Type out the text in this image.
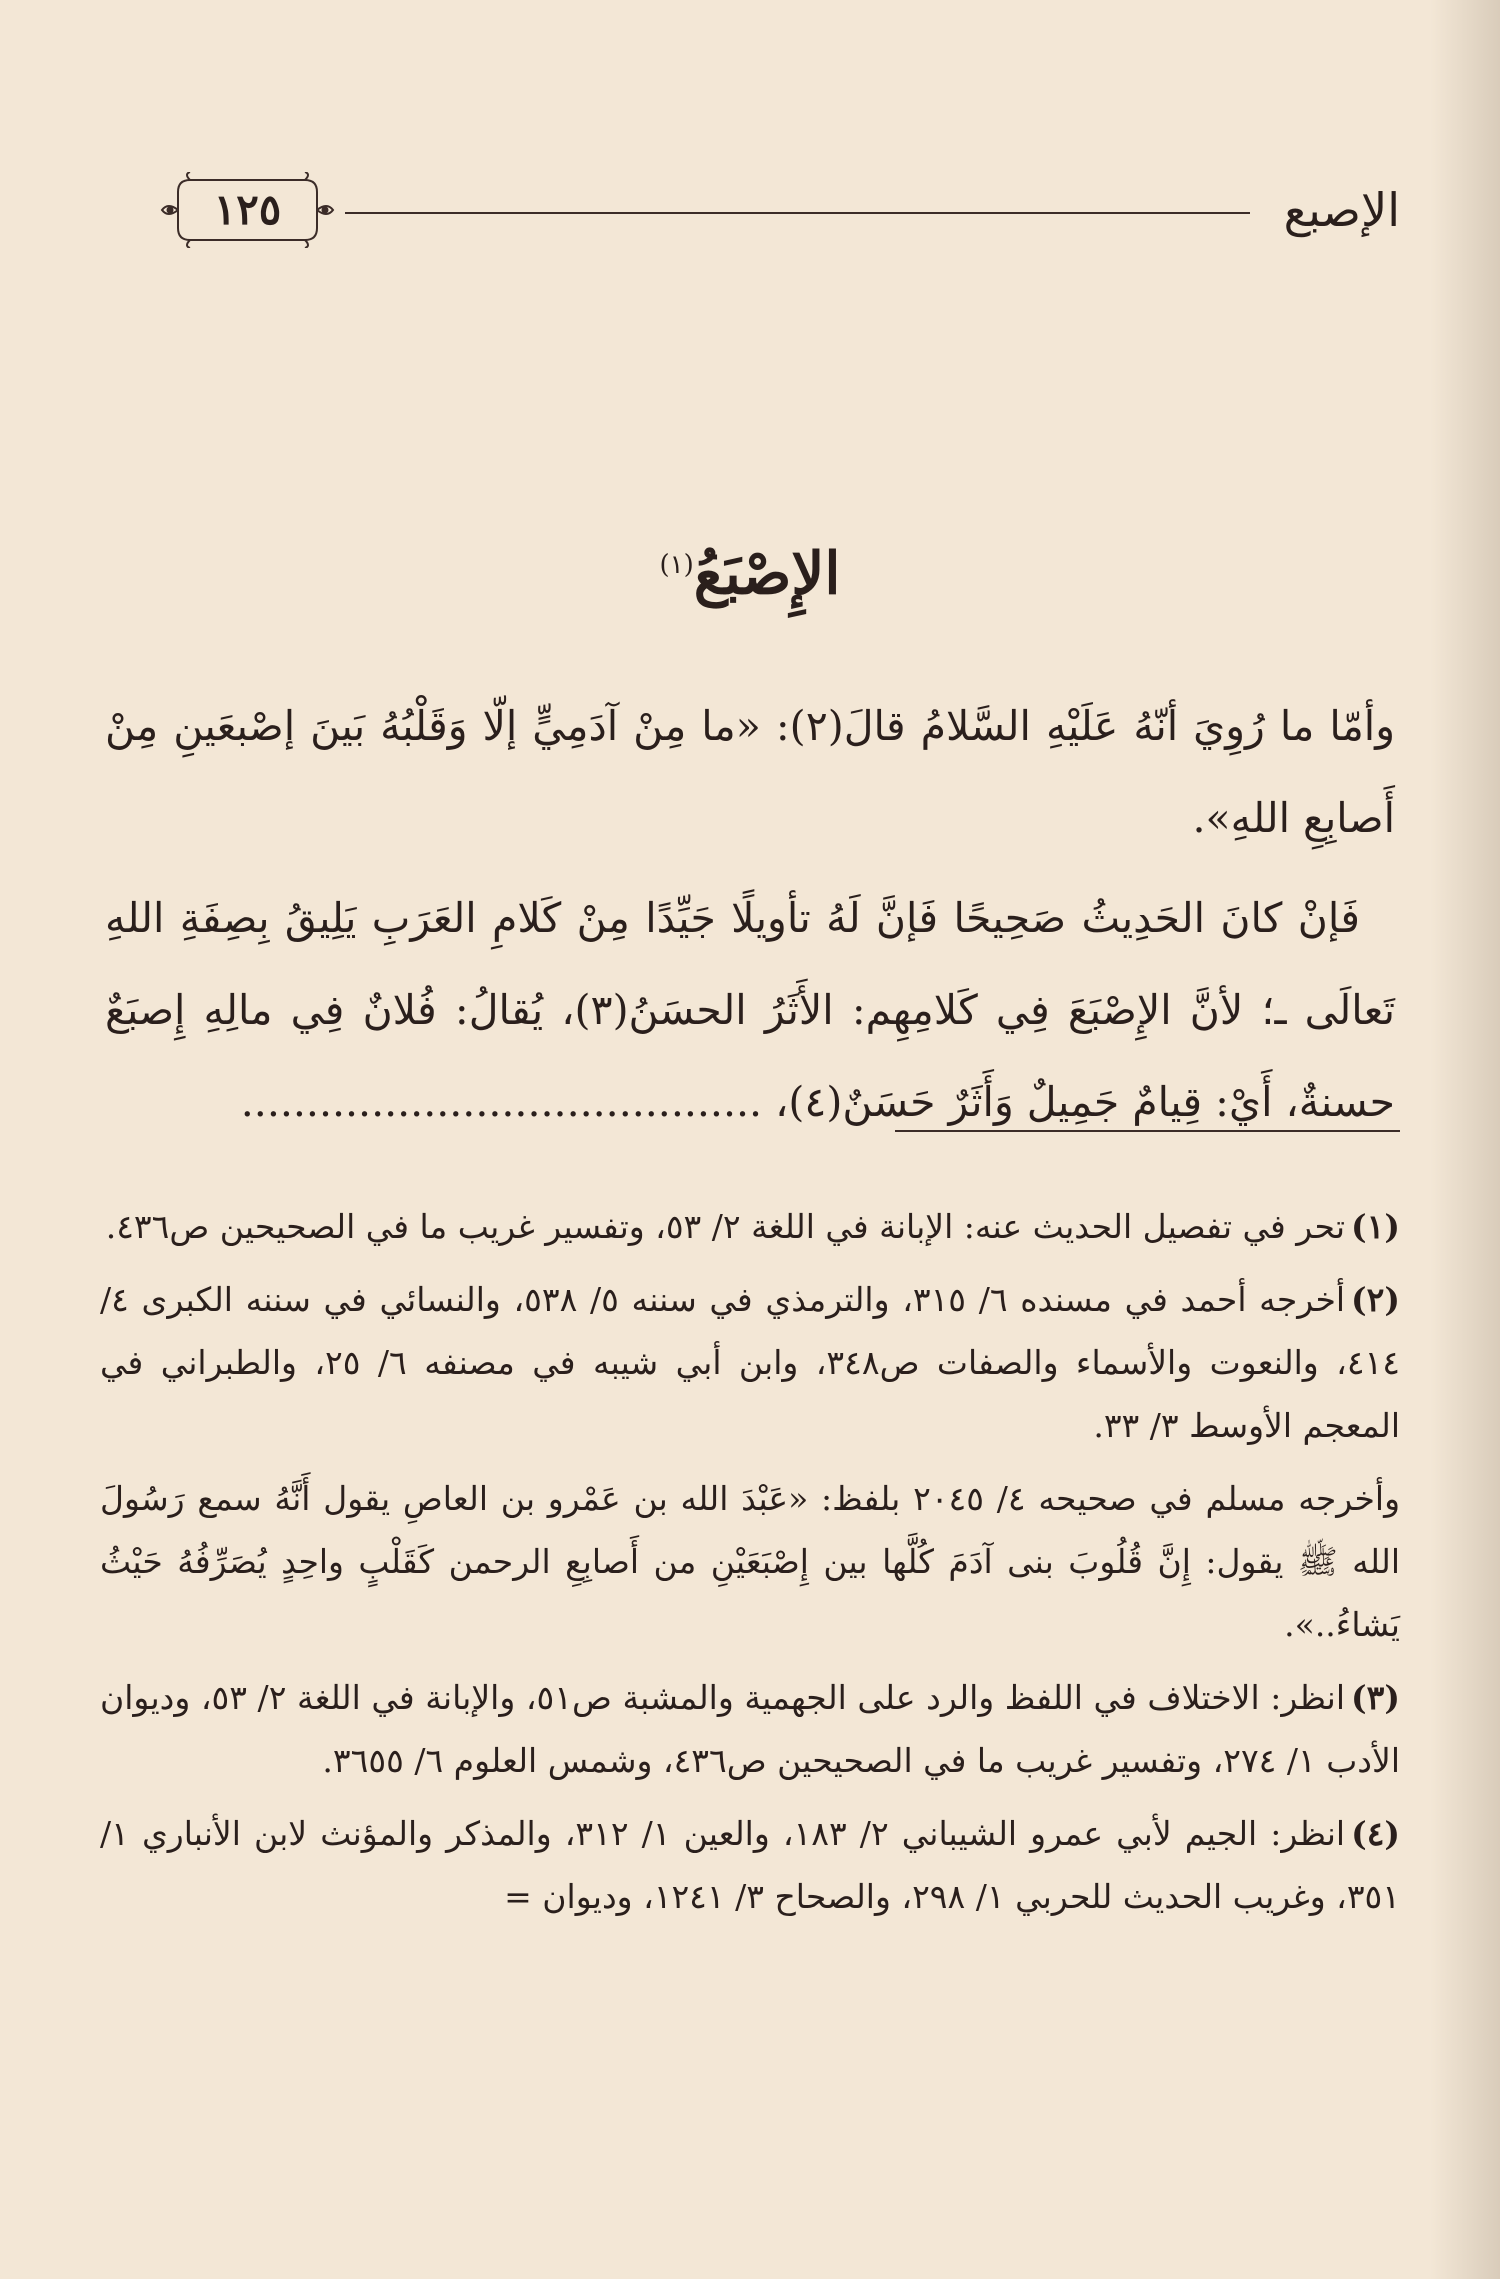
الإصبع
١٢٥
الإِصْبَعُ$^{(١)}$

وأمّا ما رُوِيَ أنّهُ عَلَيْهِ السَّلامُ قالَ(٢): «ما مِنْ آدَمِيٍّ إلّا وَقَلْبُهُ بَينَ إصْبعَينِ مِنْ أَصابِعِ اللهِ».

فَإنْ كانَ الحَدِيثُ صَحِيحًا فَإنَّ لَهُ تأويلًا جَيِّدًا مِنْ كَلامِ العَرَبِ يَلِيقُ بِصِفَةِ اللهِ تَعالَى ـ؛ لأنَّ الإِصْبَعَ فِي كَلامِهِم: الأَثَرُ الحسَنُ(٣)، يُقالُ: فُلانٌ فِي مالِهِ إِصبَعٌ حسنةٌ، أَيْ: قِيامٌ جَمِيلٌ وَأَثَرٌ حَسَنٌ(٤)، ........................................

(١)تحر في تفصيل الحديث عنه: الإبانة في اللغة ٢/ ٥٣، وتفسير غريب ما في الصحيحين ص٤٣٦.

(٢)أخرجه أحمد في مسنده ٦/ ٣١٥، والترمذي في سننه ٥/ ٥٣٨، والنسائي في سننه الكبرى ٤/ ٤١٤، والنعوت والأسماء والصفات ص٣٤٨، وابن أبي شيبه في مصنفه ٦/ ٢٥، والطبراني في المعجم الأوسط ٣/ ٣٣.

وأخرجه مسلم في صحيحه ٤/ ٢٠٤٥ بلفظ: «عَبْدَ الله بن عَمْرو بن العاصِ يقول أَنَّهُ سمع رَسُولَ الله ﷺ يقول: إِنَّ قُلُوبَ بنى آدَمَ كُلَّها بين إِصْبَعَيْنِ من أَصابِعِ الرحمن كَقَلْبٍ واحِدٍ يُصَرِّفُهُ حَيْثُ يَشاءُ..».

(٣)انظر: الاختلاف في اللفظ والرد على الجهمية والمشبة ص٥١، والإبانة في اللغة ٢/ ٥٣، وديوان الأدب ١/ ٢٧٤، وتفسير غريب ما في الصحيحين ص٤٣٦، وشمس العلوم ٦/ ٣٦٥٥.

(٤)انظر: الجيم لأبي عمرو الشيباني ٢/ ١٨٣، والعين ١/ ٣١٢، والمذكر والمؤنث لابن الأنباري ١/ ٣٥١، وغريب الحديث للحربي ١/ ٢٩٨، والصحاح ٣/ ١٢٤١، وديوان =
